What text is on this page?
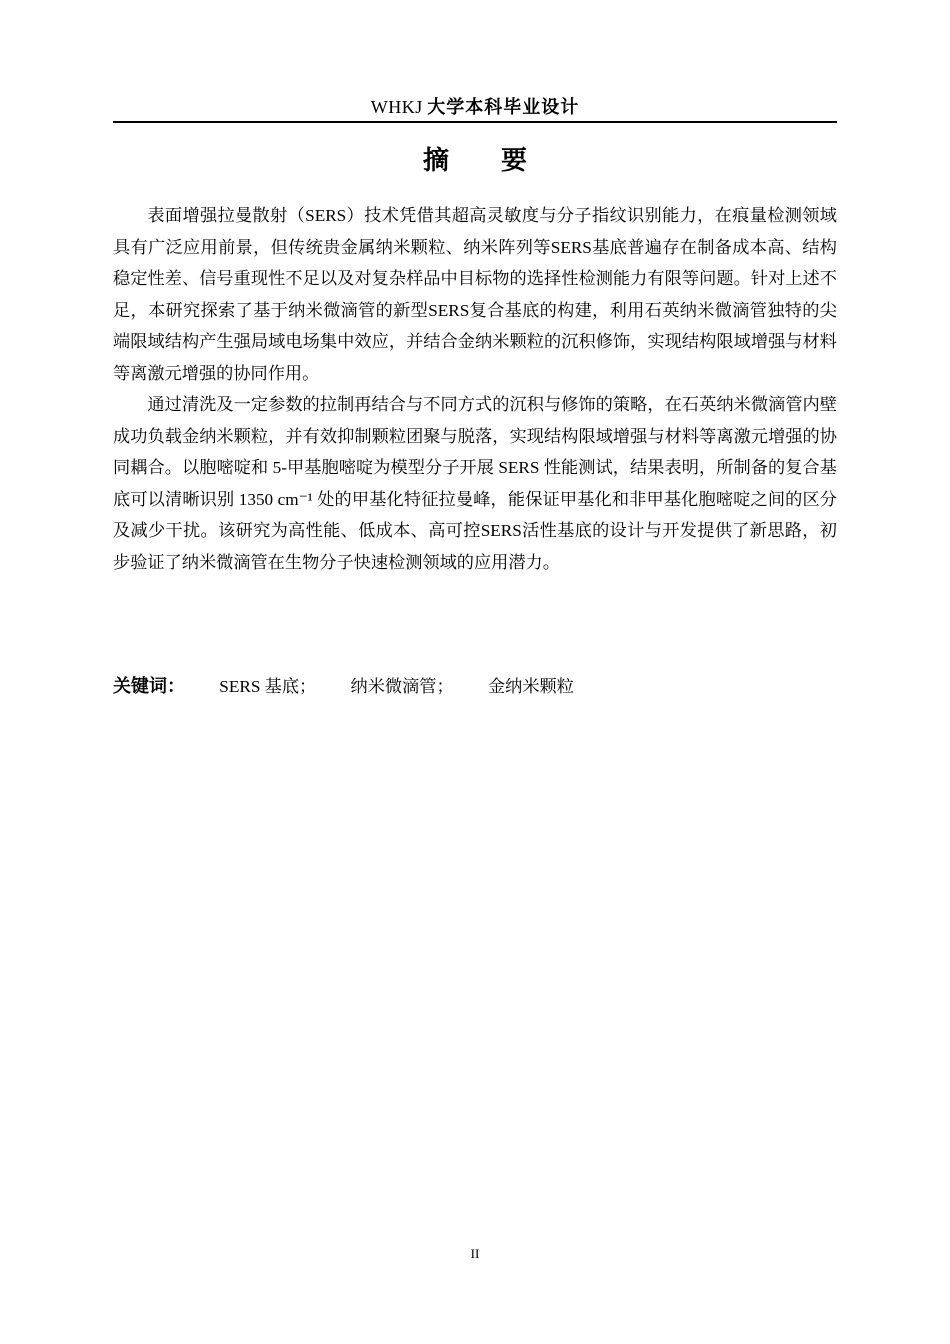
WHKJ 大学本科毕业设计
摘要

表面增强拉曼散射（SERS）技术凭借其超高灵敏度与分子指纹识别能力，在痕量检测领域具有广泛应用前景，但传统贵金属纳米颗粒、纳米阵列等SERS基底普遍存在制备成本高、结构稳定性差、信号重现性不足以及对复杂样品中目标物的选择性检测能力有限等问题。针对上述不足，本研究探索了基于纳米微滴管的新型SERS复合基底的构建，利用石英纳米微滴管独特的尖端限域结构产生强局域电场集中效应，并结合金纳米颗粒的沉积修饰，实现结构限域增强与材料等离激元增强的协同作用。

通过清洗及一定参数的拉制再结合与不同方式的沉积与修饰的策略，在石英纳米微滴管内壁成功负载金纳米颗粒，并有效抑制颗粒团聚与脱落，实现结构限域增强与材料等离激元增强的协同耦合。以胞嘧啶和 5-甲基胞嘧啶为模型分子开展 SERS 性能测试，结果表明，所制备的复合基底可以清晰识别 1350 cm⁻¹ 处的甲基化特征拉曼峰，能保证甲基化和非甲基化胞嘧啶之间的区分及减少干扰。该研究为高性能、低成本、高可控SERS活性基底的设计与开发提供了新思路，初步验证了纳米微滴管在生物分子快速检测领域的应用潜力。

关键词： SERS 基底； 纳米微滴管； 金纳米颗粒
II
